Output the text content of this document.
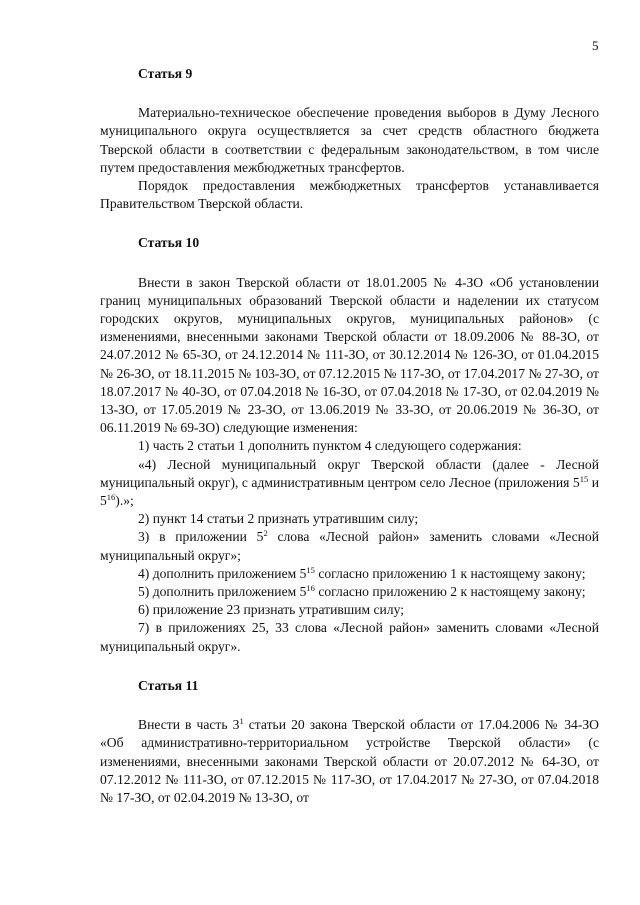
5
Статья 9

Материально-техническое обеспечение проведения выборов в Думу Лесного муниципального округа осуществляется за счет средств областного бюджета Тверской области в соответствии с федеральным законодательством, в том числе путем предоставления межбюджетных трансфертов.

Порядок предоставления межбюджетных трансфертов устанавливается Правительством Тверской области.

Статья 10

Внести в закон Тверской области от 18.01.2005 № 4-ЗО «Об установлении границ муниципальных образований Тверской области и наделении их статусом городских округов, муниципальных округов, муниципальных районов» (с изменениями, внесенными законами Тверской области от 18.09.2006 № 88-ЗО, от 24.07.2012 № 65-ЗО, от 24.12.2014 № 111-ЗО, от 30.12.2014 № 126-ЗО, от 01.04.2015 № 26-ЗО, от 18.11.2015 № 103-ЗО, от 07.12.2015 № 117-ЗО, от 17.04.2017 № 27-ЗО, от 18.07.2017 № 40-ЗО, от 07.04.2018 № 16-ЗО, от 07.04.2018 № 17-ЗО, от 02.04.2019 № 13-ЗО, от 17.05.2019 № 23-ЗО, от 13.06.2019 № 33-ЗО, от 20.06.2019 № 36-ЗО, от 06.11.2019 № 69-ЗО) следующие изменения:

1) часть 2 статьи 1 дополнить пунктом 4 следующего содержания:

«4) Лесной муниципальный округ Тверской области (далее - Лесной муниципальный округ), с административным центром село Лесное (приложения $5^{15}$ и $5^{16}$).»;

2) пункт 14 статьи 2 признать утратившим силу;

3) в приложении $5^2$ слова «Лесной район» заменить словами «Лесной муниципальный округ»;

4) дополнить приложением $5^{15}$ согласно приложению 1 к настоящему закону;

5) дополнить приложением $5^{16}$ согласно приложению 2 к настоящему закону;

6) приложение 23 признать утратившим силу;

7) в приложениях 25, 33 слова «Лесной район» заменить словами «Лесной муниципальный округ».

Статья 11

Внести в часть $3^1$ статьи 20 закона Тверской области от 17.04.2006 № 34-ЗО «Об административно-территориальном устройстве Тверской области» (с изменениями, внесенными законами Тверской области от 20.07.2012 № 64-ЗО, от 07.12.2012 № 111-ЗО, от 07.12.2015 № 117-ЗО, от 17.04.2017 № 27-ЗО, от 07.04.2018 № 17-ЗО, от 02.04.2019 № 13-ЗО, от
